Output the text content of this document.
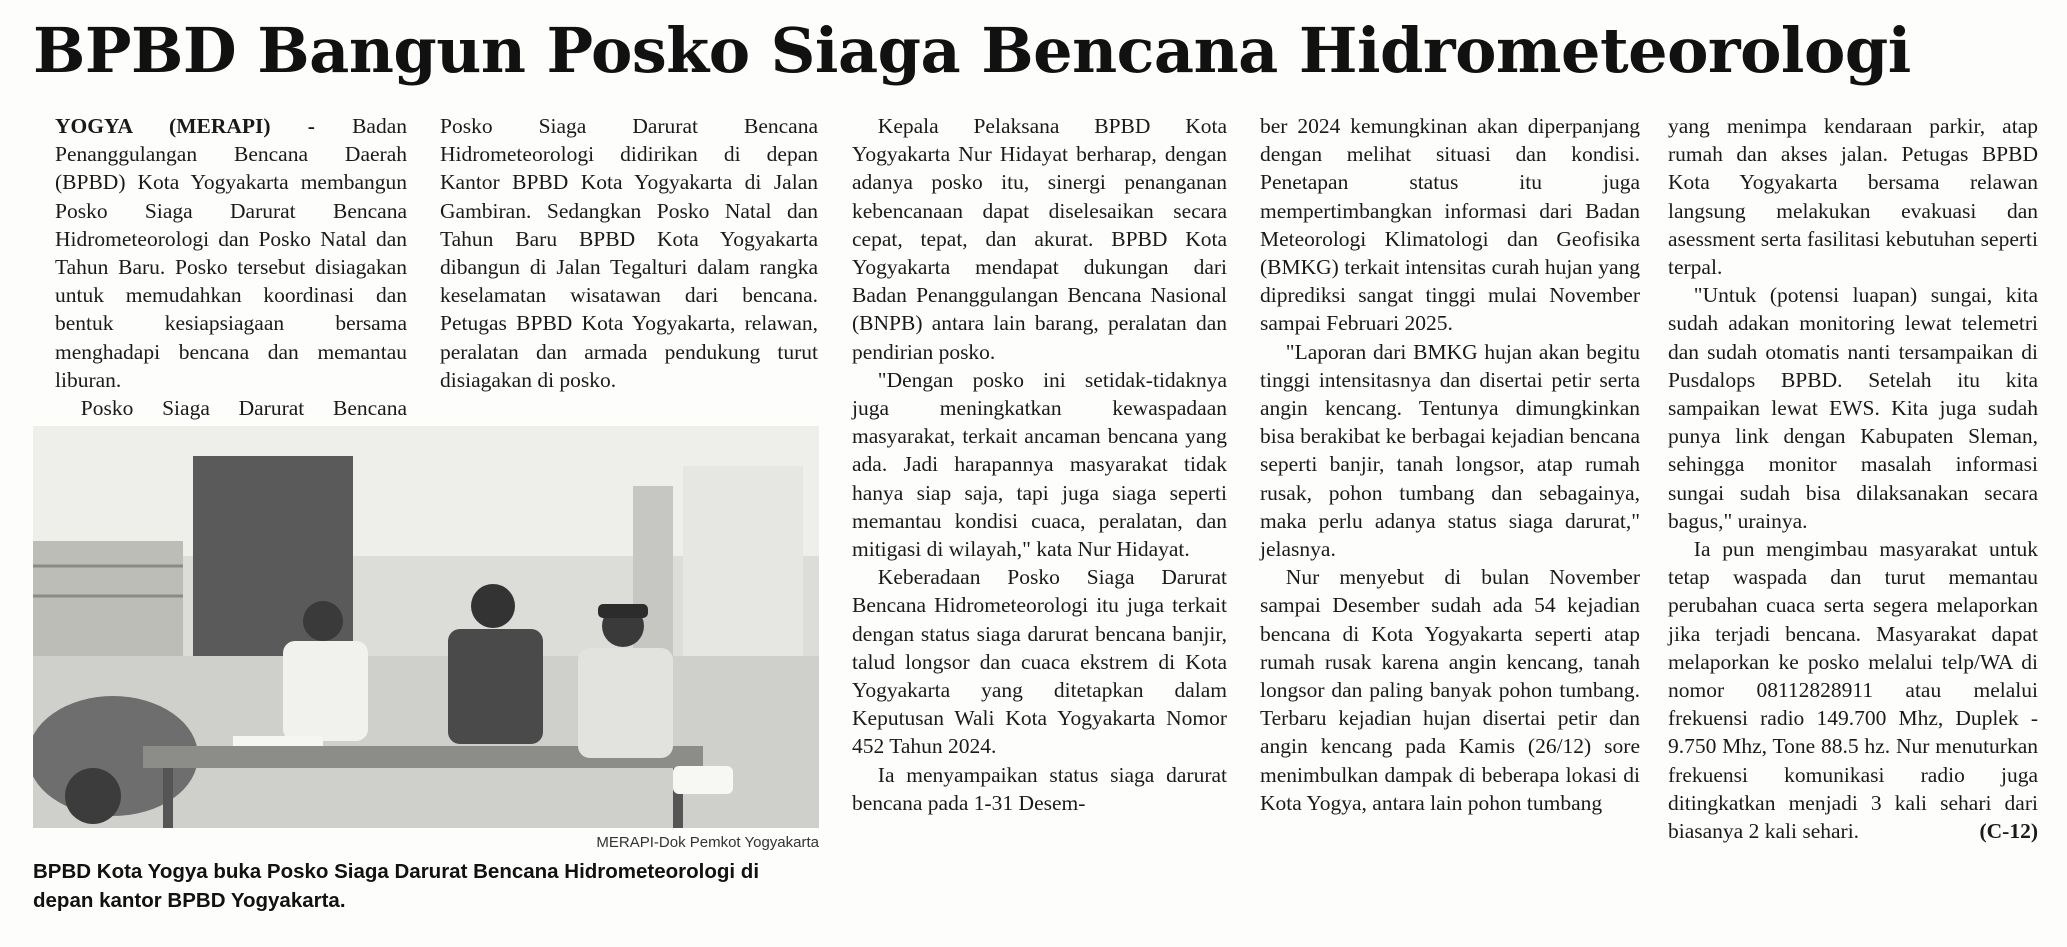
BPBD Bangun Posko Siaga Bencana Hidrometeorologi

YOGYA (MERAPI) - Badan Penanggulangan Bencana Daerah (BPBD) Kota Yogyakarta membangun Posko Siaga Darurat Bencana Hidrometeorologi dan Posko Natal dan Tahun Baru. Posko tersebut disiagakan untuk memudahkan koordinasi dan bentuk kesiapsiagaan bersama menghadapi bencana dan memantau liburan.

Posko Siaga Darurat Bencana

Posko Siaga Darurat Bencana Hidrometeorologi didirikan di depan Kantor BPBD Kota Yogyakarta di Jalan Gambiran. Sedangkan Posko Natal dan Tahun Baru BPBD Kota Yogyakarta dibangun di Jalan Tegalturi dalam rangka keselamatan wisatawan dari bencana. Petugas BPBD Kota Yogyakarta, relawan, peralatan dan armada pendukung turut disiagakan di posko.

MERAPI-Dok Pemkot Yogyakarta

BPBD Kota Yogya buka Posko Siaga Darurat Bencana Hidrometeorologi di depan kantor BPBD Yogyakarta.

Kepala Pelaksana BPBD Kota Yogyakarta Nur Hidayat berharap, dengan adanya posko itu, sinergi penanganan kebencanaan dapat diselesaikan secara cepat, tepat, dan akurat. BPBD Kota Yogyakarta mendapat dukungan dari Badan Penanggulangan Bencana Nasional (BNPB) antara lain barang, peralatan dan pendirian posko.

"Dengan posko ini setidak-tidaknya juga meningkatkan kewaspadaan masyarakat, terkait ancaman bencana yang ada. Jadi harapannya masyarakat tidak hanya siap saja, tapi juga siaga seperti memantau kondisi cuaca, peralatan, dan mitigasi di wilayah," kata Nur Hidayat.

Keberadaan Posko Siaga Darurat Bencana Hidrometeorologi itu juga terkait dengan status siaga darurat bencana banjir, talud longsor dan cuaca ekstrem di Kota Yogyakarta yang ditetapkan dalam Keputusan Wali Kota Yogyakarta Nomor 452 Tahun 2024.

Ia menyampaikan status siaga darurat bencana pada 1-31 Desem-

ber 2024 kemungkinan akan diperpanjang dengan melihat situasi dan kondisi. Penetapan status itu juga mempertimbangkan informasi dari Badan Meteorologi Klimatologi dan Geofisika (BMKG) terkait intensitas curah hujan yang diprediksi sangat tinggi mulai November sampai Februari 2025.

"Laporan dari BMKG hujan akan begitu tinggi intensitasnya dan disertai petir serta angin kencang. Tentunya dimungkinkan bisa berakibat ke berbagai kejadian bencana seperti banjir, tanah longsor, atap rumah rusak, pohon tumbang dan sebagainya, maka perlu adanya status siaga darurat," jelasnya.

Nur menyebut di bulan November sampai Desember sudah ada 54 kejadian bencana di Kota Yogyakarta seperti atap rumah rusak karena angin kencang, tanah longsor dan paling banyak pohon tumbang. Terbaru kejadian hujan disertai petir dan angin kencang pada Kamis (26/12) sore menimbulkan dampak di beberapa lokasi di Kota Yogya, antara lain pohon tumbang

yang menimpa kendaraan parkir, atap rumah dan akses jalan. Petugas BPBD Kota Yogyakarta bersama relawan langsung melakukan evakuasi dan asessment serta fasilitasi kebutuhan seperti terpal.

"Untuk (potensi luapan) sungai, kita sudah adakan monitoring lewat telemetri dan sudah otomatis nanti tersampaikan di Pusdalops BPBD. Setelah itu kita sampaikan lewat EWS. Kita juga sudah punya link dengan Kabupaten Sleman, sehingga monitor masalah informasi sungai sudah bisa dilaksanakan secara bagus," urainya.

Ia pun mengimbau masyarakat untuk tetap waspada dan turut memantau perubahan cuaca serta segera melaporkan jika terjadi bencana. Masyarakat dapat melaporkan ke posko melalui telp/WA di nomor 08112828911 atau melalui frekuensi radio 149.700 Mhz, Duplek - 9.750 Mhz, Tone 88.5 hz. Nur menuturkan frekuensi komunikasi radio juga ditingkatkan menjadi 3 kali sehari dari biasanya 2 kali sehari.	(C-12)
